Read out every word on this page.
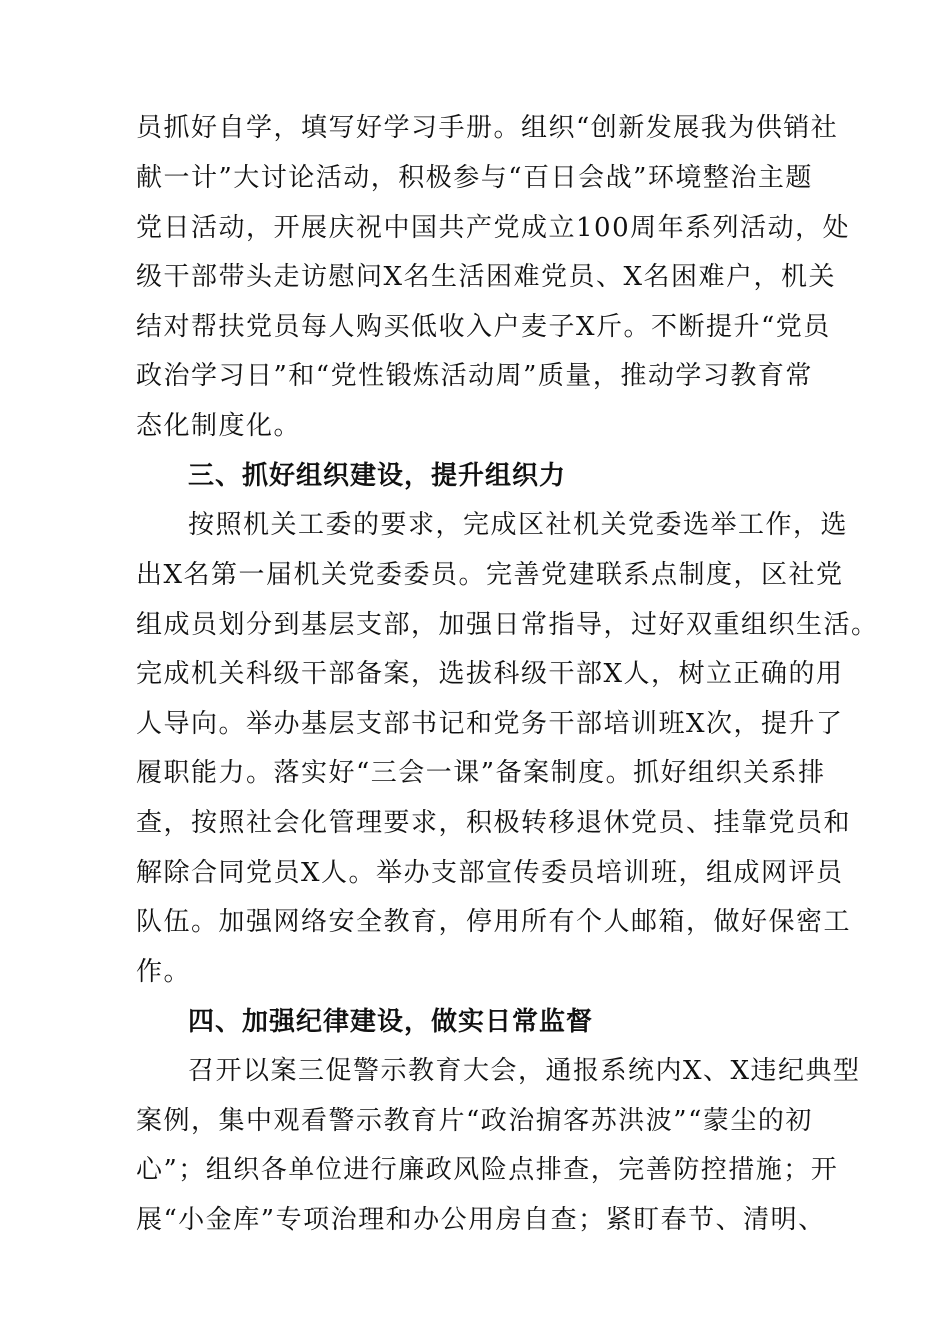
员抓好自学，填写好学习手册。组织“创新发展我为供销社

献一计”大讨论活动，积极参与“百日会战”环境整治主题

党日活动，开展庆祝中国共产党成立100周年系列活动，处

级干部带头走访慰问X名生活困难党员、X名困难户，机关

结对帮扶党员每人购买低收入户麦子X斤。不断提升“党员

政治学习日”和“党性锻炼活动周”质量，推动学习教育常

态化制度化。

三、抓好组织建设，提升组织力

按照机关工委的要求，完成区社机关党委选举工作，选

出X名第一届机关党委委员。完善党建联系点制度，区社党

组成员划分到基层支部，加强日常指导，过好双重组织生活。

完成机关科级干部备案，选拔科级干部X人，树立正确的用

人导向。举办基层支部书记和党务干部培训班X次，提升了

履职能力。落实好“三会一课”备案制度。抓好组织关系排

查，按照社会化管理要求，积极转移退休党员、挂靠党员和

解除合同党员X人。举办支部宣传委员培训班，组成网评员

队伍。加强网络安全教育，停用所有个人邮箱，做好保密工

作。

四、加强纪律建设，做实日常监督

召开以案三促警示教育大会，通报系统内X、X违纪典型

案例，集中观看警示教育片“政治掮客苏洪波”“蒙尘的初

心”；组织各单位进行廉政风险点排查，完善防控措施；开

展“小金库”专项治理和办公用房自查；紧盯春节、清明、
